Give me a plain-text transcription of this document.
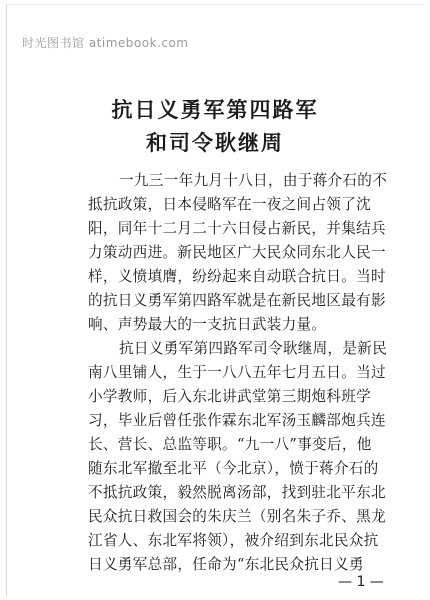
时光图书馆 atimebook.com
抗日义勇军第四路军
和司令耿继周
一九三一年九月十八日，由于蒋介石的不
抵抗政策，日本侵略军在一夜之间占领了沈
阳，同年十二月二十六日侵占新民，并集结兵
力策动西进。新民地区广大民众同东北人民一
样，义愤填膺，纷纷起来自动联合抗日。当时
的抗日义勇军第四路军就是在新民地区最有影
响、声势最大的一支抗日武装力量。
抗日义勇军第四路军司令耿继周，是新民
南八里铺人，生于一八八五年七月五日。当过
小学教师，后入东北讲武堂第三期炮科班学
习，毕业后曾任张作霖东北军汤玉麟部炮兵连
长、营长、总监等职。“九一八”事变后，他
随东北军撤至北平（今北京），愤于蒋介石的
不抵抗政策，毅然脱离汤部，找到驻北平东北
民众抗日救国会的朱庆兰（别名朱子乔、黑龙
江省人、东北军将领），被介绍到东北民众抗
日义勇军总部，任命为“东北民众抗日义勇
— 1 —
